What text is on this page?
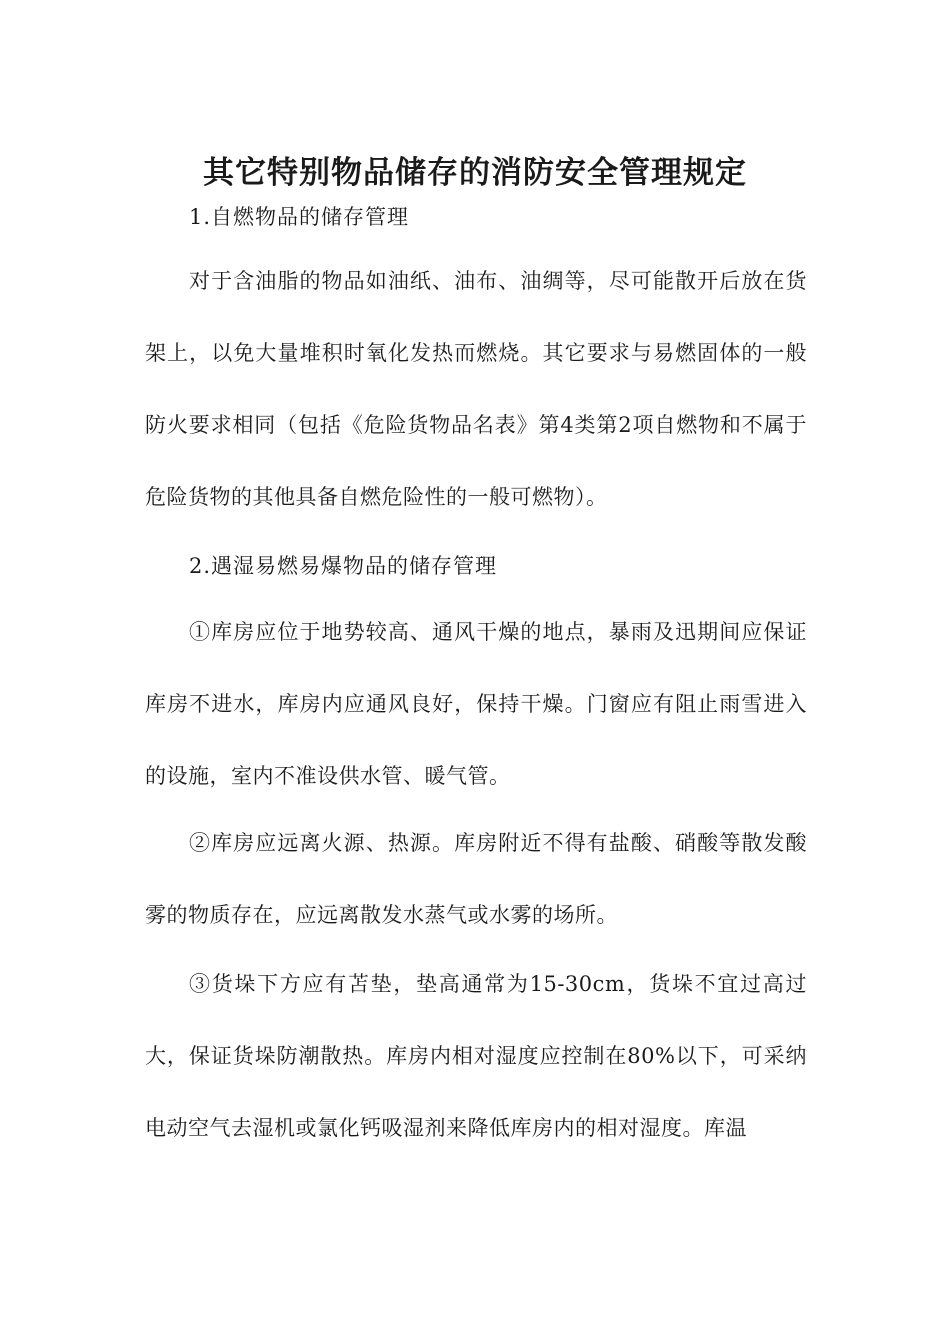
其它特别物品储存的消防安全管理规定
1.自燃物品的储存管理

对于含油脂的物品如油纸、油布、油绸等，尽可能散开后放在货架上，以免大量堆积时氧化发热而燃烧。其它要求与易燃固体的一般防火要求相同（包括《危险货物品名表》第4类第2项自燃物和不属于危险货物的其他具备自燃危险性的一般可燃物）。

2.遇湿易燃易爆物品的储存管理

①库房应位于地势较高、通风干燥的地点，暴雨及迅期间应保证库房不进水，库房内应通风良好，保持干燥。门窗应有阻止雨雪进入的设施，室内不准设供水管、暖气管。

②库房应远离火源、热源。库房附近不得有盐酸、硝酸等散发酸雾的物质存在，应远离散发水蒸气或水雾的场所。

③货垛下方应有苫垫，垫高通常为15-30cm，货垛不宜过高过大，保证货垛防潮散热。库房内相对湿度应控制在80%以下，可采纳电动空气去湿机或氯化钙吸湿剂来降低库房内的相对湿度。库温
